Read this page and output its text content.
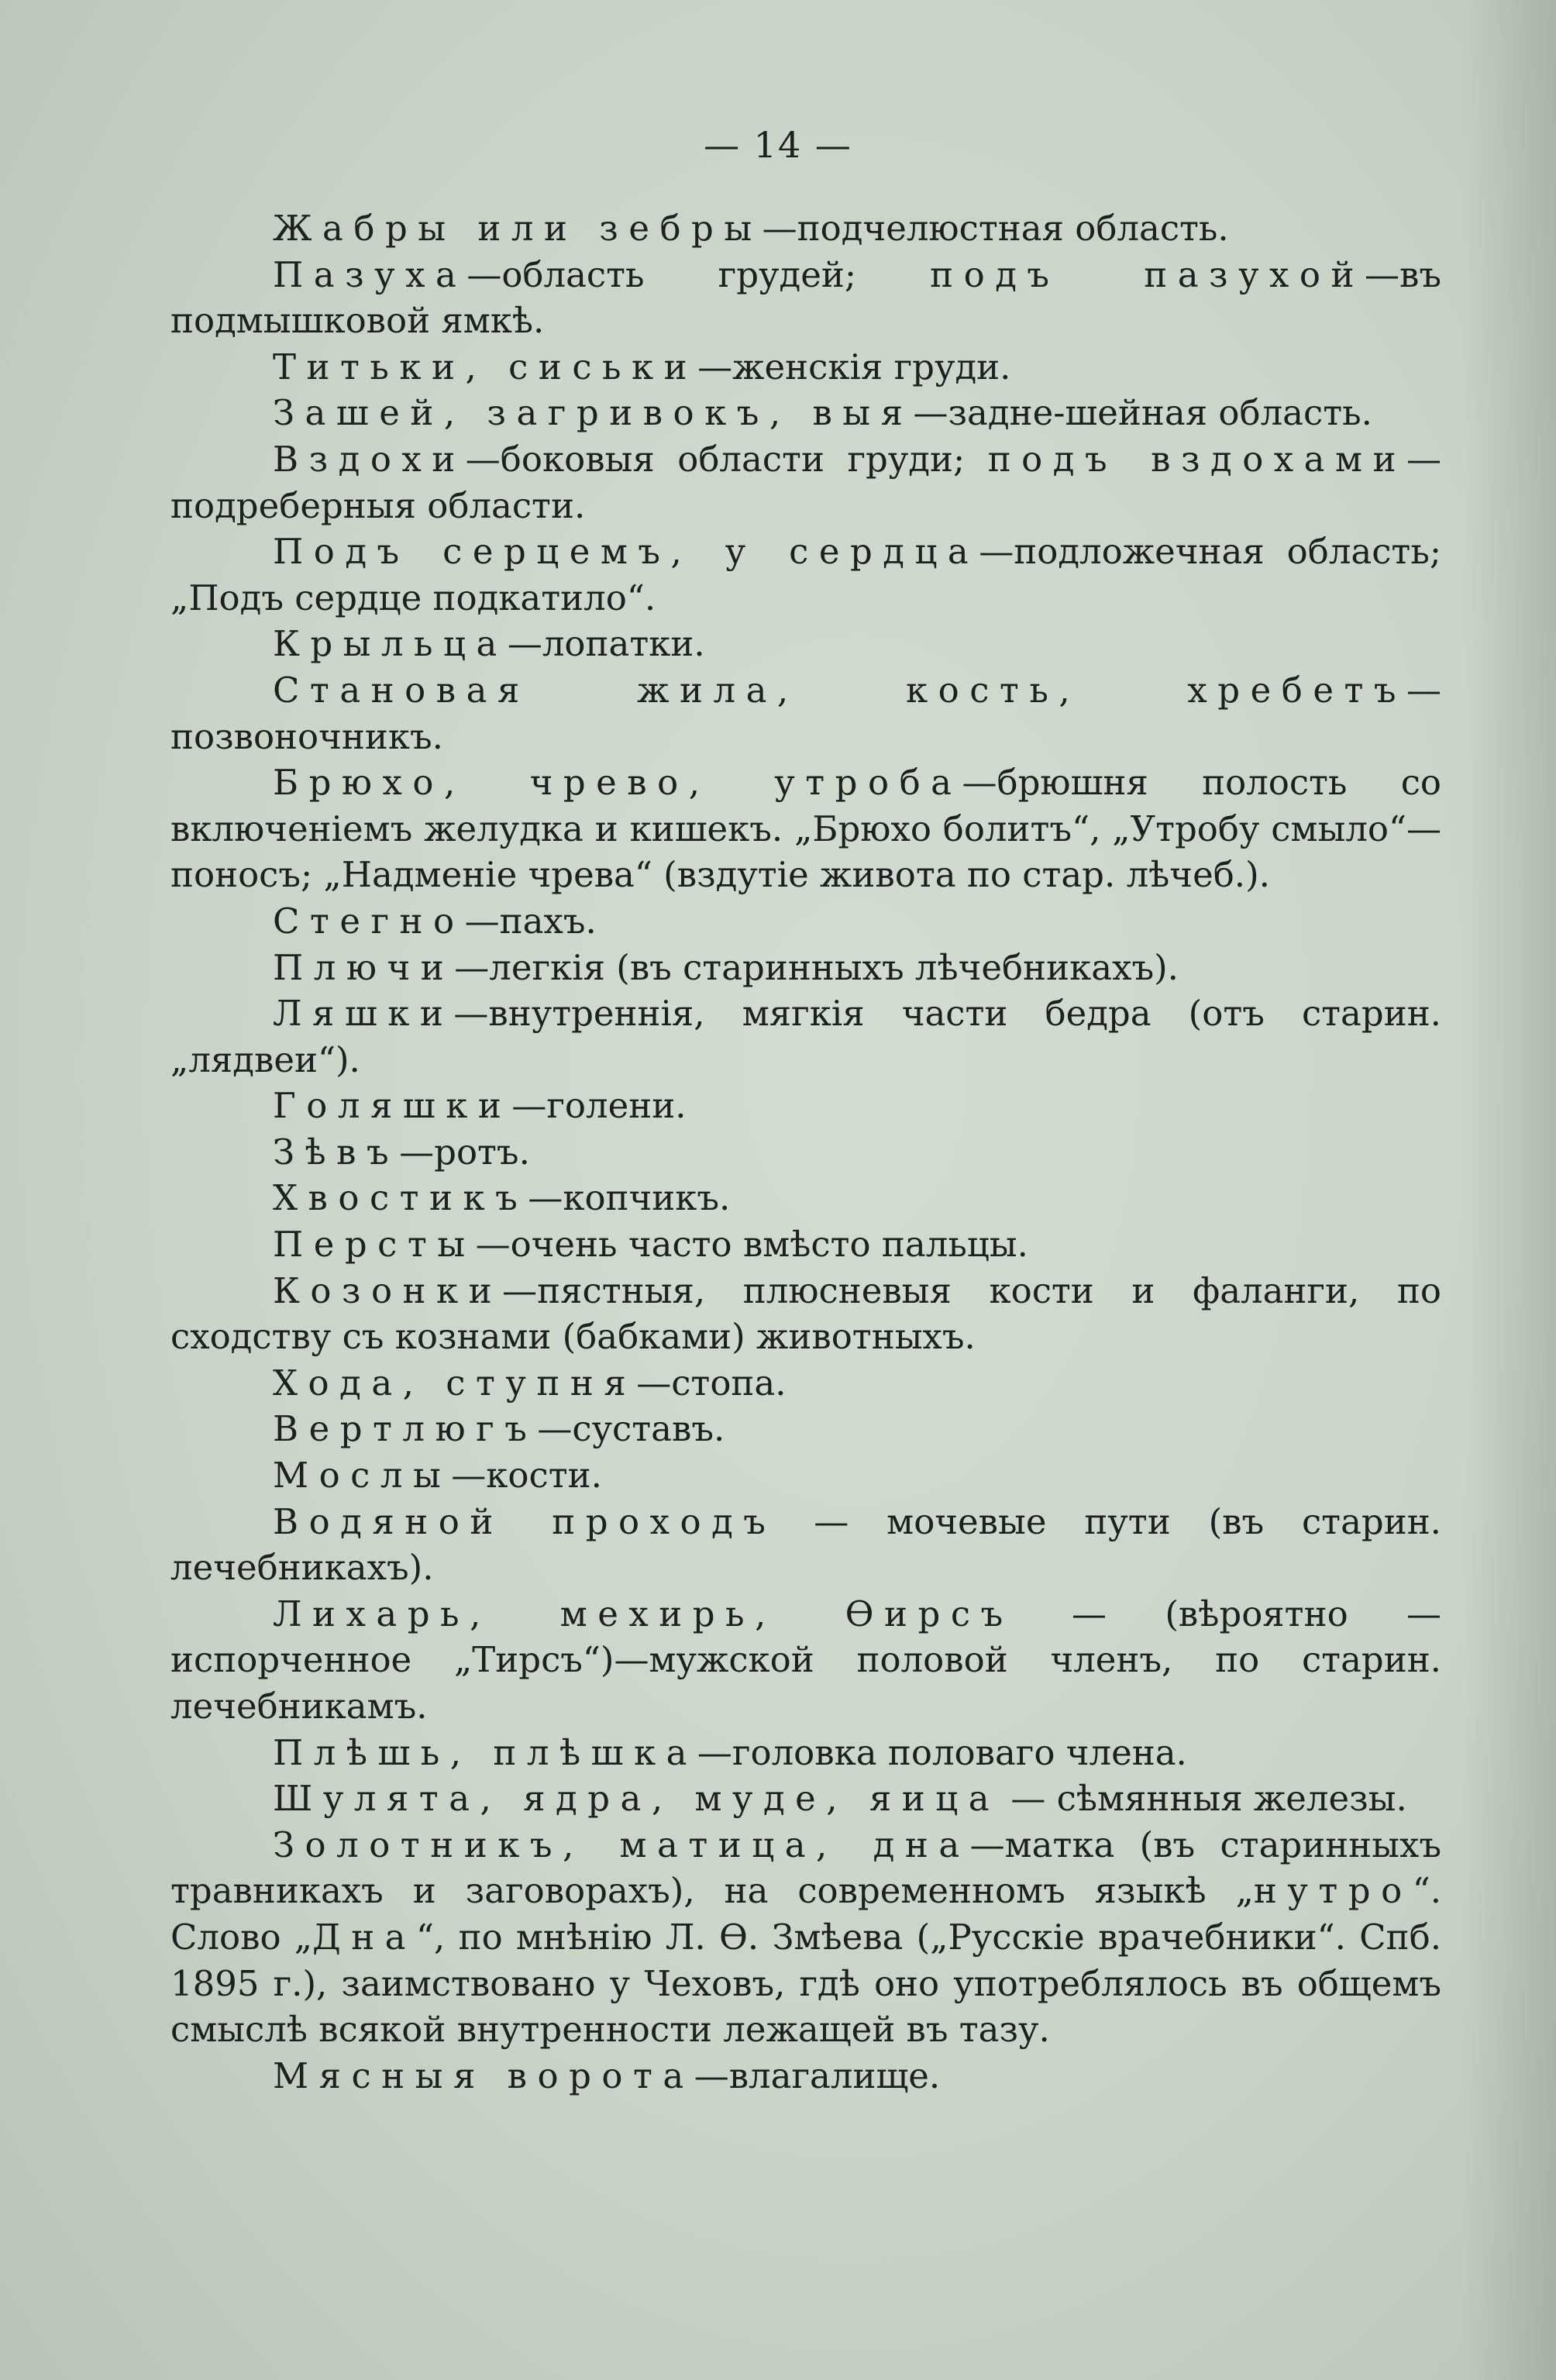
— 14 —

Жабры или зебры—подчелюстная область.

Пазуха—область грудей; подъ пазухой—въ подмышковой ямкѣ.

Титьки, сиськи—женскія груди.

Зашей, загривокъ, выя—задне-шейная область.

Вздохи—боковыя области груди; подъ вздохами—подреберныя области.

Подъ серцемъ, у сердца—подложечная область; „Подъ сердце подкатило“.

Крыльца—лопатки.

Становая жила, кость, хребетъ—позвоночникъ.

Брюхо, чрево, утроба—брюшня полость со включеніемъ желудка и кишекъ. „Брюхо болитъ“, „Утробу смыло“—поносъ; „Надменіе чрева“ (вздутіе живота по стар. лѣчеб.).

Стегно—пахъ.

Плючи—легкія (въ старинныхъ лѣчебникахъ).

Ляшки—внутреннія, мягкія части бедра (отъ старин. „лядвеи“).

Голяшки—голени.

Зѣвъ—ротъ.

Хвостикъ—копчикъ.

Персты—очень часто вмѣсто пальцы.

Козонки—пястныя, плюсневыя кости и фаланги, по сходству съ кознами (бабками) животныхъ.

Хода, ступня—стопа.

Вертлюгъ—суставъ.

Мослы—кости.

Водяной проходъ — мочевые пути (въ старин. лечебникахъ).

Лихарь, мехирь, Ѳирсъ — (вѣроятно — испорченное „Тирсъ“)—мужской половой членъ, по старин. лечебникамъ.

Плѣшь, плѣшка—головка половаго члена.

Шулята, ядра, муде, яица — сѣмянныя железы.

Золотникъ, матица, дна—матка (въ старинныхъ травникахъ и заговорахъ), на современномъ языкѣ „нутро“. Слово „Дна“, по мнѣнію Л. Ѳ. Змѣева („Русскіе врачебники“. Спб. 1895 г.), заимствовано у Чеховъ, гдѣ оно употреблялось въ общемъ смыслѣ всякой внутренности лежащей въ тазу.

Мясныя ворота—влагалище.
